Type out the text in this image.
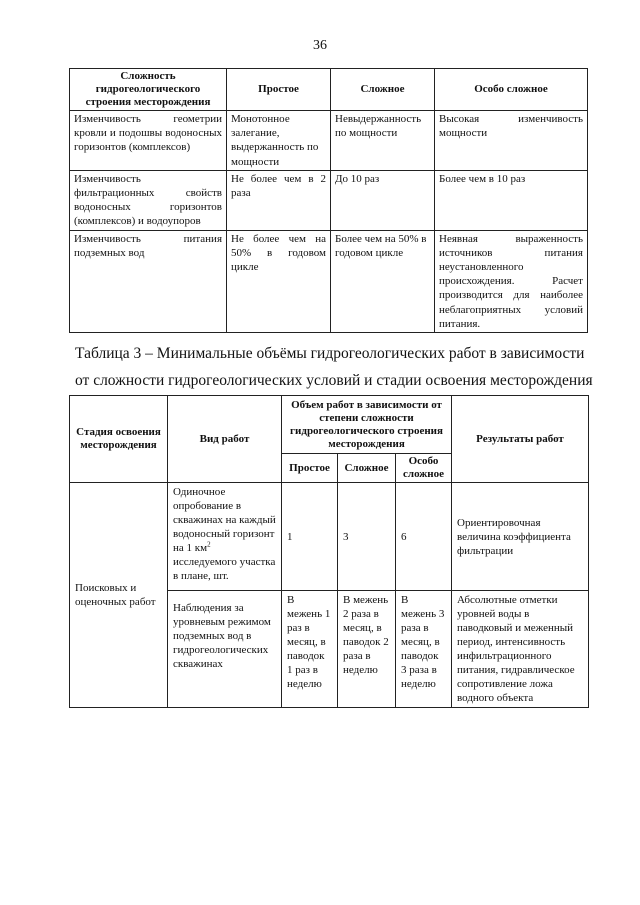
36
Сложность гидрогеологического строения месторождения	Простое	Сложное	Особо сложное
Изменчивость геометрии кровли и подошвы водоносных горизонтов (комплексов)	Монотонное залегание, выдержанность по мощности	Невыдержанность по мощности	Высокая изменчивость мощности
Изменчивость фильтрационных свойств водоносных горизонтов (комплексов) и водоупоров	Не более чем в 2 раза	До 10 раз	Более чем в 10 раз
Изменчивость питания подземных вод	Не более чем на 50% в годовом цикле	Более чем на 50% в годовом цикле	Неявная выраженность источников питания неустановленного происхождения. Расчет производится для наиболее неблагоприятных условий питания.
Таблица 3 – Минимальные объёмы гидрогеологических работ в зависимости
от сложности гидрогеологических условий и стадии освоения месторождения
Стадия освоения месторождения	Вид работ	Объем работ в зависимости от степени сложности гидрогеологического строения месторождения			Результаты работ
		Простое	Сложное	Особо сложное	
Поисковых и оценочных работ	Одиночное опробование в скважинах на каждый водоносный горизонт на 1 $км^2$ исследуемого участка в плане, шт.	1	3	6	Ориентировочная величина коэффициента фильтрации
	Наблюдения за уровневым режимом подземных вод в гидрогеологических скважинах	В межень 1 раз в месяц, в паводок 1 раз в неделю	В межень 2 раза в месяц, в паводок 2 раза в неделю	В межень 3 раза в месяц, в паводок 3 раза в неделю	Абсолютные отметки уровней воды в паводковый и меженный период, интенсивность инфильтрационного питания, гидравлическое сопротивление ложа водного объекта
